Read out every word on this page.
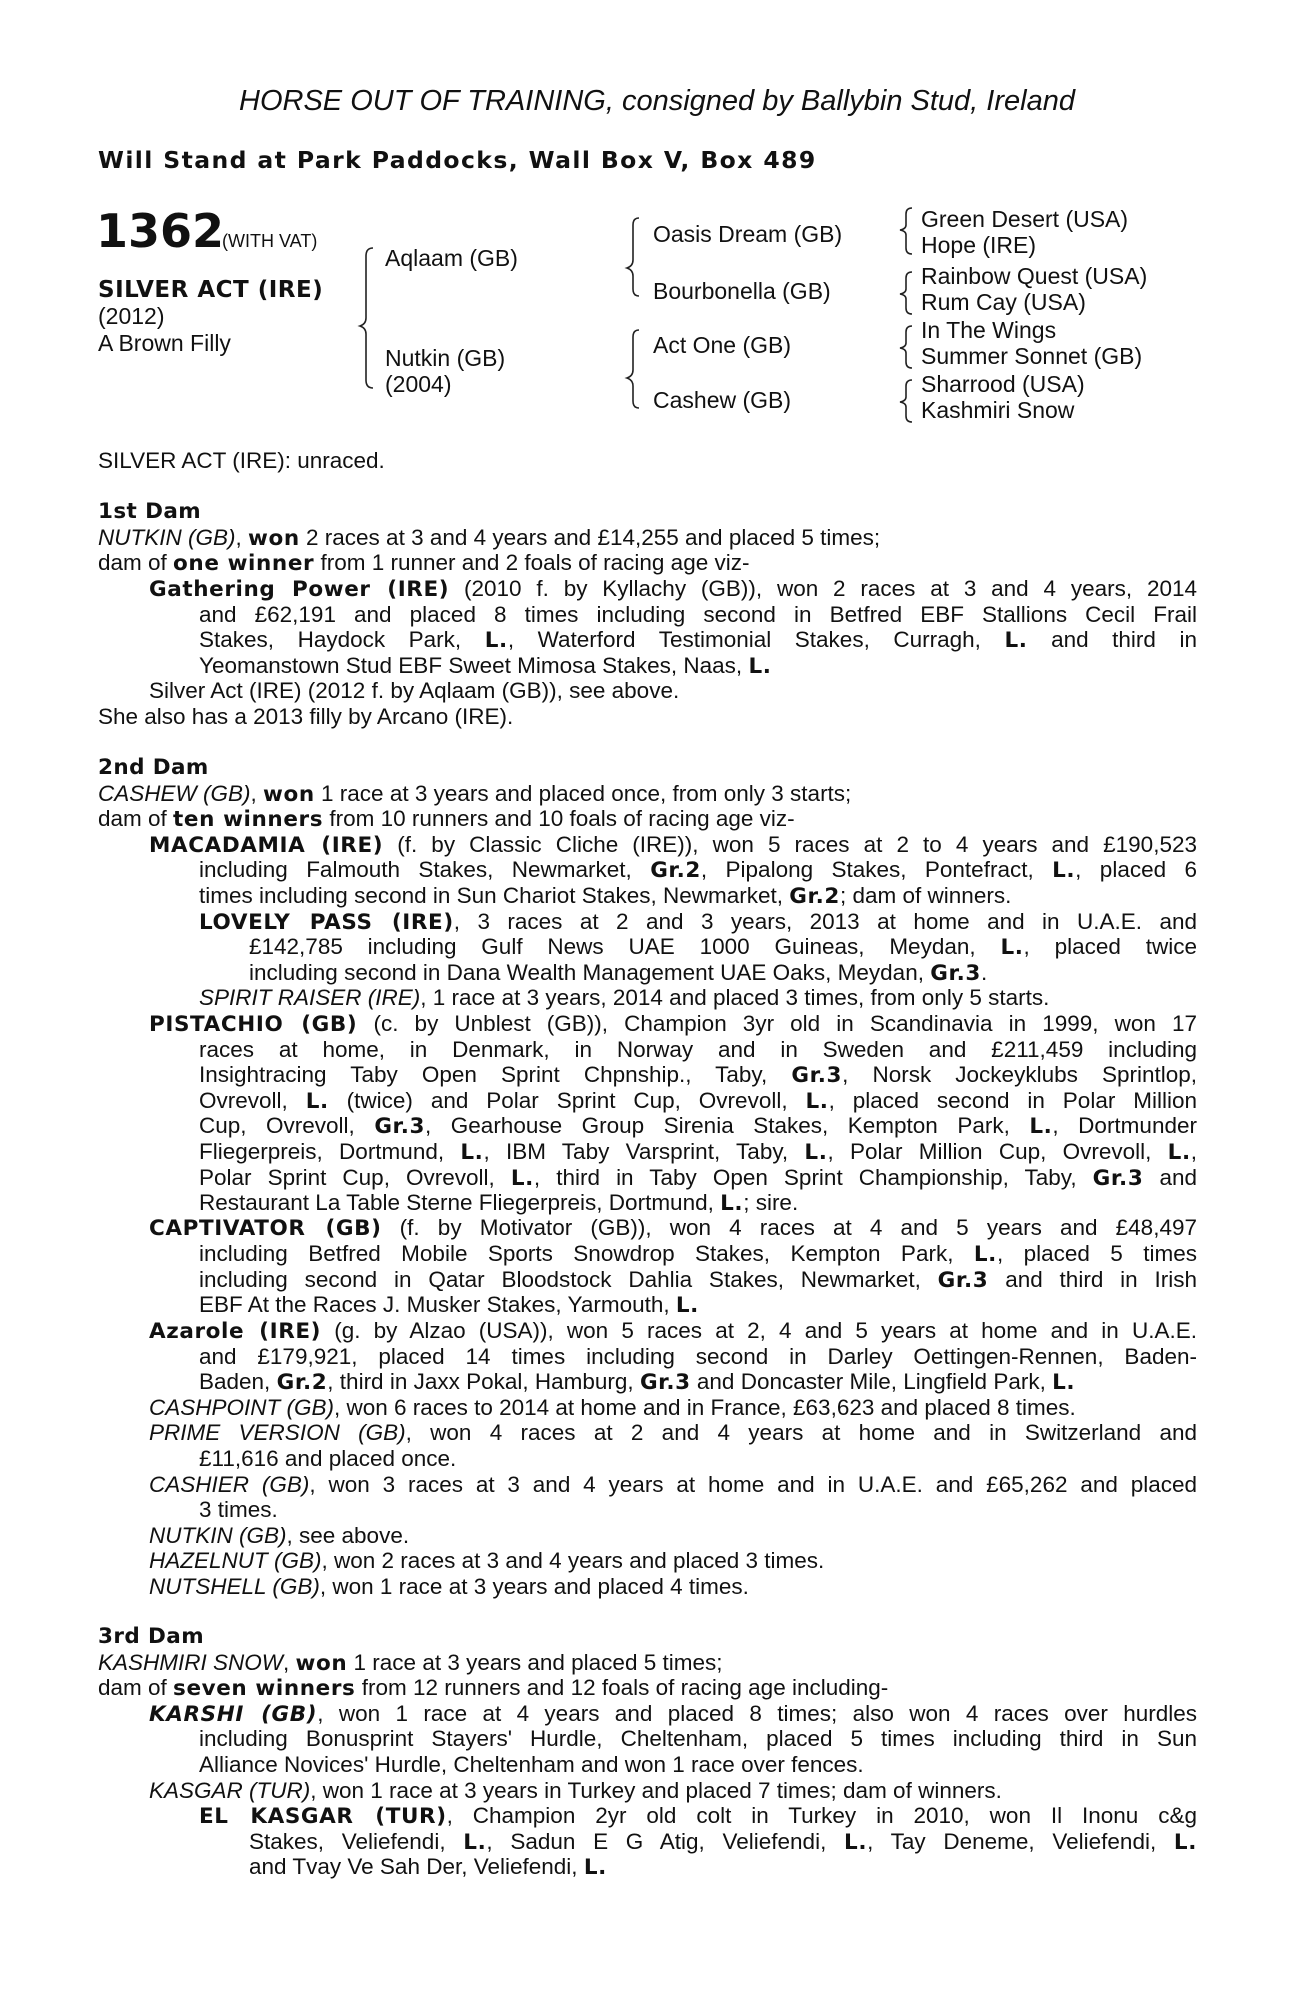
HORSE OUT OF TRAINING, consigned by Ballybin Stud, Ireland
Will Stand at Park Paddocks, Wall Box V, Box 489
1362
(WITH VAT)
SILVER ACT (IRE)
(2012)
A Brown Filly
Aqlaam (GB)
Nutkin (GB)
(2004)
Oasis Dream (GB)
Bourbonella (GB)
Act One (GB)
Cashew (GB)
Green Desert (USA)
Hope (IRE)
Rainbow Quest (USA)
Rum Cay (USA)
In The Wings
Summer Sonnet (GB)
Sharrood (USA)
Kashmiri Snow
SILVER ACT (IRE): unraced.
1st Dam
NUTKIN (GB), won 2 races at 3 and 4 years and £14,255 and placed 5 times;
dam of one winner from 1 runner and 2 foals of racing age viz-
Gathering Power (IRE) (2010 f. by Kyllachy (GB)), won 2 races at 3 and 4 years, 2014
and £62,191 and placed 8 times including second in Betfred EBF Stallions Cecil Frail
Stakes, Haydock Park, L., Waterford Testimonial Stakes, Curragh, L. and third in
Yeomanstown Stud EBF Sweet Mimosa Stakes, Naas, L.
Silver Act (IRE) (2012 f. by Aqlaam (GB)), see above.
She also has a 2013 filly by Arcano (IRE).
2nd Dam
CASHEW (GB), won 1 race at 3 years and placed once, from only 3 starts;
dam of ten winners from 10 runners and 10 foals of racing age viz-
MACADAMIA (IRE) (f. by Classic Cliche (IRE)), won 5 races at 2 to 4 years and £190,523
including Falmouth Stakes, Newmarket, Gr.2, Pipalong Stakes, Pontefract, L., placed 6
times including second in Sun Chariot Stakes, Newmarket, Gr.2; dam of winners.
LOVELY PASS (IRE), 3 races at 2 and 3 years, 2013 at home and in U.A.E. and
£142,785 including Gulf News UAE 1000 Guineas, Meydan, L., placed twice
including second in Dana Wealth Management UAE Oaks, Meydan, Gr.3.
SPIRIT RAISER (IRE), 1 race at 3 years, 2014 and placed 3 times, from only 5 starts.
PISTACHIO (GB) (c. by Unblest (GB)), Champion 3yr old in Scandinavia in 1999, won 17
races at home, in Denmark, in Norway and in Sweden and £211,459 including
Insightracing Taby Open Sprint Chpnship., Taby, Gr.3, Norsk Jockeyklubs Sprintlop,
Ovrevoll, L. (twice) and Polar Sprint Cup, Ovrevoll, L., placed second in Polar Million
Cup, Ovrevoll, Gr.3, Gearhouse Group Sirenia Stakes, Kempton Park, L., Dortmunder
Fliegerpreis, Dortmund, L., IBM Taby Varsprint, Taby, L., Polar Million Cup, Ovrevoll, L.,
Polar Sprint Cup, Ovrevoll, L., third in Taby Open Sprint Championship, Taby, Gr.3 and
Restaurant La Table Sterne Fliegerpreis, Dortmund, L.; sire.
CAPTIVATOR (GB) (f. by Motivator (GB)), won 4 races at 4 and 5 years and £48,497
including Betfred Mobile Sports Snowdrop Stakes, Kempton Park, L., placed 5 times
including second in Qatar Bloodstock Dahlia Stakes, Newmarket, Gr.3 and third in Irish
EBF At the Races J. Musker Stakes, Yarmouth, L.
Azarole (IRE) (g. by Alzao (USA)), won 5 races at 2, 4 and 5 years at home and in U.A.E.
and £179,921, placed 14 times including second in Darley Oettingen-Rennen, Baden-
Baden, Gr.2, third in Jaxx Pokal, Hamburg, Gr.3 and Doncaster Mile, Lingfield Park, L.
CASHPOINT (GB), won 6 races to 2014 at home and in France, £63,623 and placed 8 times.
PRIME VERSION (GB), won 4 races at 2 and 4 years at home and in Switzerland and
£11,616 and placed once.
CASHIER (GB), won 3 races at 3 and 4 years at home and in U.A.E. and £65,262 and placed
3 times.
NUTKIN (GB), see above.
HAZELNUT (GB), won 2 races at 3 and 4 years and placed 3 times.
NUTSHELL (GB), won 1 race at 3 years and placed 4 times.
3rd Dam
KASHMIRI SNOW, won 1 race at 3 years and placed 5 times;
dam of seven winners from 12 runners and 12 foals of racing age including-
KARSHI (GB), won 1 race at 4 years and placed 8 times; also won 4 races over hurdles
including Bonusprint Stayers' Hurdle, Cheltenham, placed 5 times including third in Sun
Alliance Novices' Hurdle, Cheltenham and won 1 race over fences.
KASGAR (TUR), won 1 race at 3 years in Turkey and placed 7 times; dam of winners.
EL KASGAR (TUR), Champion 2yr old colt in Turkey in 2010, won Il Inonu c&g
Stakes, Veliefendi, L., Sadun E G Atig, Veliefendi, L., Tay Deneme, Veliefendi, L.
and Tvay Ve Sah Der, Veliefendi, L.
